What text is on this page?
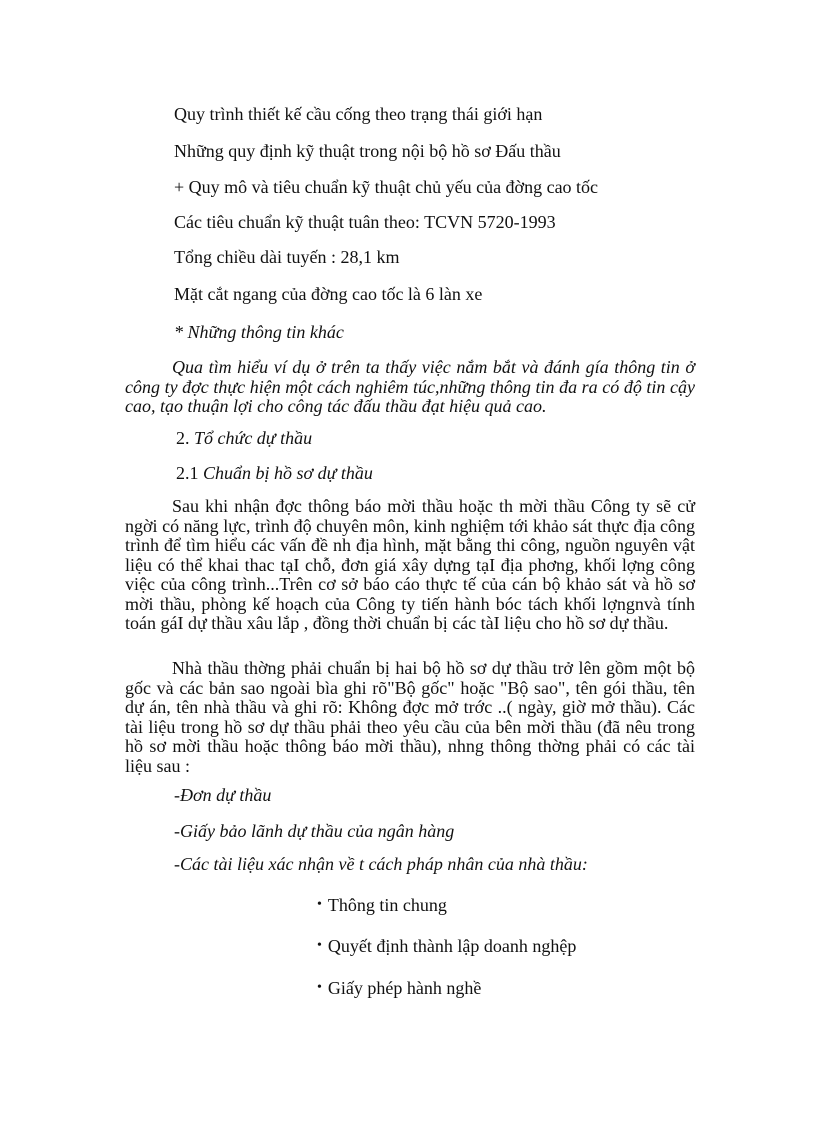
Quy trình thiết kế cầu cống theo trạng thái giới hạn
Những quy định kỹ thuật trong nội bộ hồ sơ Đấu thầu
+ Quy mô và tiêu chuẩn kỹ thuật chủ yếu của đờng cao tốc
Các tiêu chuẩn kỹ thuật tuân theo: TCVN 5720-1993
Tổng chiều dài tuyến : 28,1 km
Mặt cắt ngang của đờng cao tốc là 6 làn xe
* Những thông tin khác
Qua tìm hiểu ví dụ ở trên ta thấy việc nắm bắt và đánh gía thông tin ở công ty đợc thực hiện một cách nghiêm túc,những thông tin đa ra có độ tin cậy cao, tạo thuận lợi cho công tác đấu thầu đạt hiệu quả cao.
2. Tổ chức dự thầu
2.1 Chuẩn bị hồ sơ dự thầu
Sau khi nhận đợc thông báo mời thầu hoặc th mời thầu Công ty sẽ cử ngời có năng lực, trình độ chuyên môn, kinh nghiệm tới khảo sát thực địa công trình để tìm hiểu các vấn đề nh địa hình, mặt bằng thi công, nguồn nguyên vật liệu có thể khai thac tạI chỗ, đơn giá xây dựng tạI địa phơng, khối lợng công việc của công trình...Trên cơ sở báo cáo thực tế của cán bộ khảo sát và hồ sơ mời thầu, phòng kế hoạch của Công ty tiến hành bóc tách khối lợngnvà tính toán gáI dự thầu xâu lắp , đồng thời chuẩn bị các tàI liệu cho hồ sơ dự thầu.
Nhà thầu thờng phải chuẩn bị hai bộ hồ sơ dự thầu trở lên gồm một bộ gốc và các bản sao ngoài bìa ghi rõ"Bộ gốc" hoặc "Bộ sao", tên gói thầu, tên dự án, tên nhà thầu và ghi rõ: Không đợc mở trớc ..( ngày, giờ mở thầu). Các tài liệu trong hồ sơ dự thầu phải theo yêu cầu của bên mời thầu (đã nêu trong hồ sơ mời thầu hoặc thông báo mời thầu), nhng thông thờng phải có các tài liệu sau :
-Đơn dự thầu
-Giấy bảo lãnh dự thầu của ngân hàng
-Các tài liệu xác nhận về t cách pháp nhân của nhà thầu:
• Thông tin chung
• Quyết định thành lập doanh nghệp
• Giấy phép hành nghề
